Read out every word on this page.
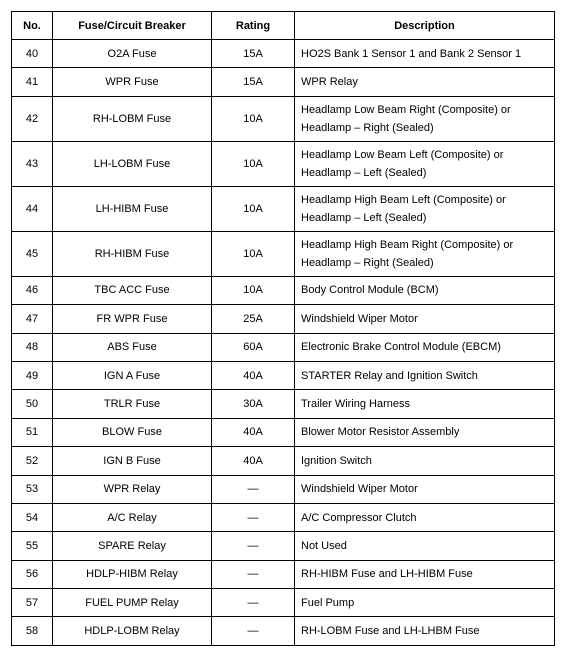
No.	Fuse/Circuit Breaker	Rating	Description
40	O2A Fuse	15A	HO2S Bank 1 Sensor 1 and Bank 2 Sensor 1
41	WPR Fuse	15A	WPR Relay
42	RH-LOBM Fuse	10A	Headlamp Low Beam Right (Composite) or Headlamp – Right (Sealed)
43	LH-LOBM Fuse	10A	Headlamp Low Beam Left (Composite) or Headlamp – Left (Sealed)
44	LH-HIBM Fuse	10A	Headlamp High Beam Left (Composite) or Headlamp – Left (Sealed)
45	RH-HIBM Fuse	10A	Headlamp High Beam Right (Composite) or Headlamp – Right (Sealed)
46	TBC ACC Fuse	10A	Body Control Module (BCM)
47	FR WPR Fuse	25A	Windshield Wiper Motor
48	ABS Fuse	60A	Electronic Brake Control Module (EBCM)
49	IGN A Fuse	40A	STARTER Relay and Ignition Switch
50	TRLR Fuse	30A	Trailer Wiring Harness
51	BLOW Fuse	40A	Blower Motor Resistor Assembly
52	IGN B Fuse	40A	Ignition Switch
53	WPR Relay	—	Windshield Wiper Motor
54	A/C Relay	—	A/C Compressor Clutch
55	SPARE Relay	—	Not Used
56	HDLP-HIBM Relay	—	RH-HIBM Fuse and LH-HIBM Fuse
57	FUEL PUMP Relay	—	Fuel Pump
58	HDLP-LOBM Relay	—	RH-LOBM Fuse and LH-LHBM Fuse
